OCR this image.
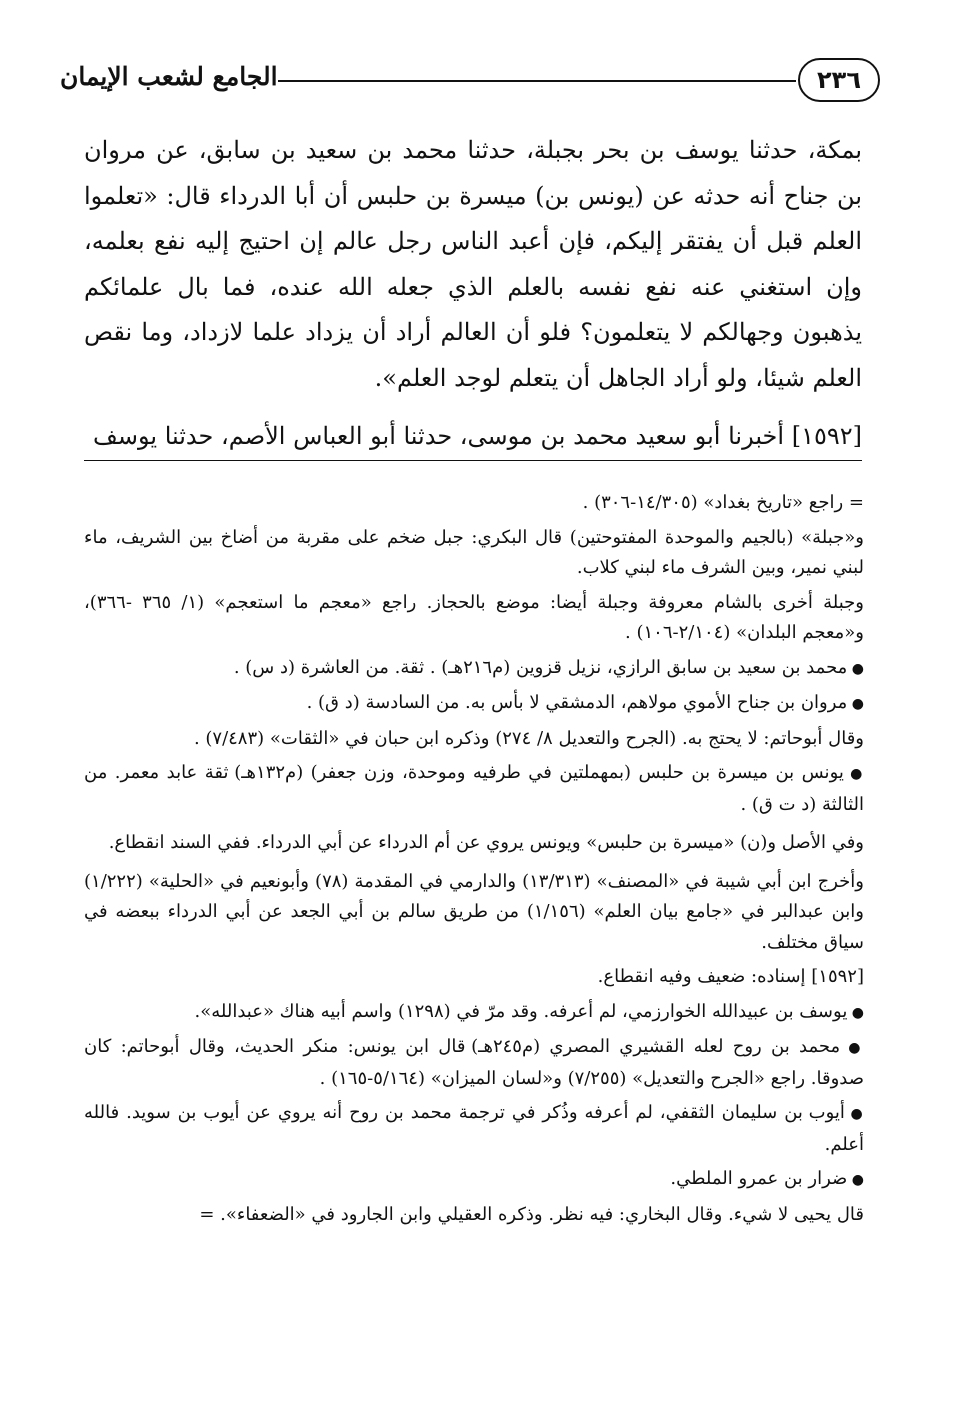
٢٣٦
الجامع لشعب الإيمان

بمكة، حدثنا يوسف بن بحر بجبلة، حدثنا محمد بن سعيد بن سابق، عن مروان بن جناح أنه حدثه عن (يونس بن) ميسرة بن حلبس أن أبا الدرداء قال: «تعلموا العلم قبل أن يفتقر إليكم، فإن أعبد الناس رجل عالم إن احتيج إليه نفع بعلمه، وإن استغني عنه نفع نفسه بالعلم الذي جعله الله عنده، فما بال علمائكم يذهبون وجهالكم لا يتعلمون؟ فلو أن العالم أراد أن يزداد علما لازداد، وما نقص العلم شيئا، ولو أراد الجاهل أن يتعلم لوجد العلم».

[١٥٩٢] أخبرنا أبو سعيد محمد بن موسى، حدثنا أبو العباس الأصم، حدثنا يوسف

= راجع «تاريخ بغداد» (١٤/٣٠٥-٣٠٦) .

و«جبلة» (بالجيم والموحدة المفتوحتين) قال البكري: جبل ضخم على مقربة من أضاخ بين الشريف، ماء لبني نمير، وبين الشرف ماء لبني كلاب.

وجبلة أخرى بالشام معروفة وجبلة أيضا: موضع بالحجاز. راجع «معجم ما استعجم» (١/ ٣٦٥ -٣٦٦)، و«معجم البلدان» (٢/١٠٤-١٠٦) .

● محمد بن سعيد بن سابق الرازي، نزيل قزوين (م٢١٦هـ) . ثقة. من العاشرة (د س) .

● مروان بن جناح الأموي مولاهم، الدمشقي لا بأس به. من السادسة (د ق) .

وقال أبوحاتم: لا يحتج به. (الجرح والتعديل ٨/ ٢٧٤) وذكره ابن حبان في «الثقات» (٧/٤٨٣) .

● يونس بن ميسرة بن حلبس (بمهملتين في طرفيه وموحدة، وزن جعفر) (م١٣٢هـ) ثقة عابد معمر. من الثالثة (د ت ق) .

وفي الأصل و(ن) «ميسرة بن حلبس» ويونس يروي عن أم الدرداء عن أبي الدرداء. ففي السند انقطاع.

وأخرج ابن أبي شيبة في «المصنف» (١٣/٣١٣) والدارمي في المقدمة (٧٨) وأبونعيم في «الحلية» (١/٢٢٢) وابن عبدالبر في «جامع بيان العلم» (١/١٥٦) من طريق سالم بن أبي الجعد عن أبي الدرداء ببعضه في سياق مختلف.

[١٥٩٢] إسناده: ضعيف وفيه انقطاع.

● يوسف بن عبيدالله الخوارزمي، لم أعرفه. وقد مرّ في (١٢٩٨) واسم أبيه هناك «عبدالله».

● محمد بن روح لعله القشيري المصري (م٢٤٥هـ) قال ابن يونس: منكر الحديث، وقال أبوحاتم: كان صدوقا. راجع «الجرح والتعديل» (٧/٢٥٥) و«لسان الميزان» (٥/١٦٤-١٦٥) .

● أيوب بن سليمان الثقفي، لم أعرفه وذُكر في ترجمة محمد بن روح أنه يروي عن أيوب بن سويد. فالله أعلم.

● ضرار بن عمرو الملطي.

قال يحيى لا شيء. وقال البخاري: فيه نظر. وذكره العقيلي وابن الجارود في «الضعفاء». =
